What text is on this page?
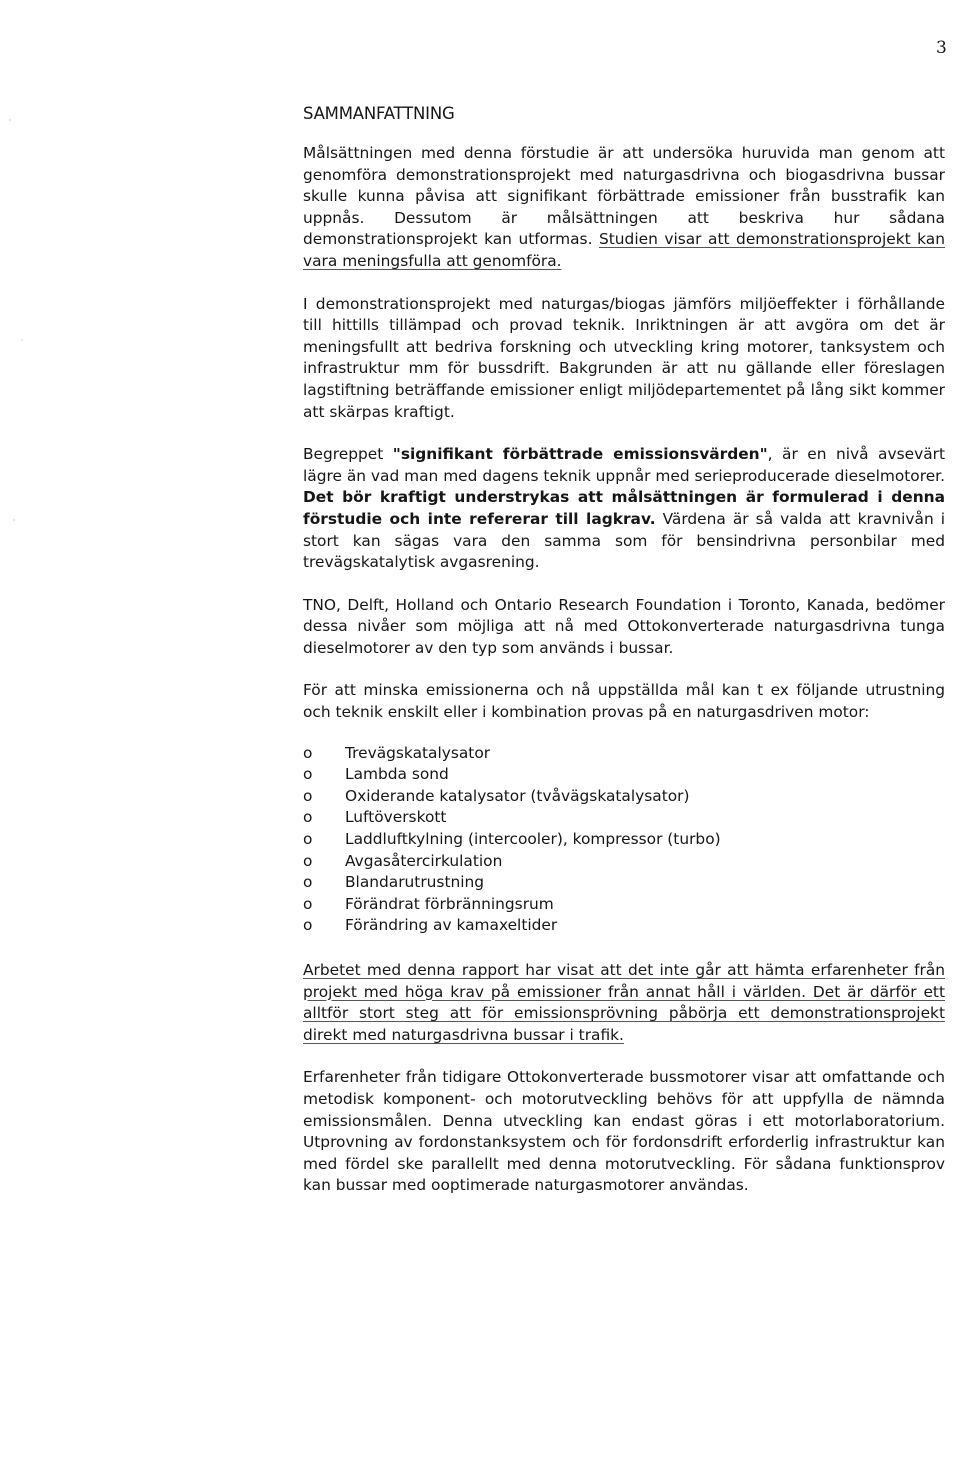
3
SAMMANFATTNING

Målsättningen med denna förstudie är att undersöka huruvida man genom att genomföra demonstrationsprojekt med naturgasdrivna och biogasdrivna bussar skulle kunna påvisa att signifikant förbättrade emissioner från busstrafik kan uppnås. Dessutom är målsättningen att beskriva hur sådana demonstrationsprojekt kan utformas. Studien visar att demonstrationsprojekt kan vara meningsfulla att genomföra.

I demonstrationsprojekt med naturgas/biogas jämförs miljöeffekter i förhållande till hittills tillämpad och provad teknik. Inriktningen är att avgöra om det är meningsfullt att bedriva forskning och utveckling kring motorer, tanksystem och infrastruktur mm för bussdrift. Bakgrunden är att nu gällande eller föreslagen lagstiftning beträffande emissioner enligt miljödepartementet på lång sikt kommer att skärpas kraftigt.

Begreppet "signifikant förbättrade emissionsvärden", är en nivå avsevärt lägre än vad man med dagens teknik uppnår med serieproducerade dieselmotorer. Det bör kraftigt understrykas att målsättningen är formulerad i denna förstudie och inte refererar till lagkrav. Värdena är så valda att kravnivån i stort kan sägas vara den samma som för bensindrivna personbilar med trevägskatalytisk avgasrening.

TNO, Delft, Holland och Ontario Research Foundation i Toronto, Kanada, bedömer dessa nivåer som möjliga att nå med Ottokonverterade naturgasdrivna tunga dieselmotorer av den typ som används i bussar.

För att minska emissionerna och nå uppställda mål kan t ex följande utrustning och teknik enskilt eller i kombination provas på en naturgasdriven motor:

o Trevägskatalysator
o Lambda sond
o Oxiderande katalysator (tvåvägskatalysator)
o Luftöverskott
o Laddluftkylning (intercooler), kompressor (turbo)
o Avgasåtercirkulation
o Blandarutrustning
o Förändrat förbränningsrum
o Förändring av kamaxeltider

Arbetet med denna rapport har visat att det inte går att hämta erfarenheter från projekt med höga krav på emissioner från annat håll i världen. Det är därför ett alltför stort steg att för emissionsprövning påbörja ett demonstrationsprojekt direkt med naturgasdrivna bussar i trafik.

Erfarenheter från tidigare Ottokonverterade bussmotorer visar att omfattande och metodisk komponent- och motorutveckling behövs för att uppfylla de nämnda emissionsmålen. Denna utveckling kan endast göras i ett motorlaboratorium. Utprovning av fordonstanksystem och för fordonsdrift erforderlig infrastruktur kan med fördel ske parallellt med denna motorutveckling. För sådana funktionsprov kan bussar med ooptimerade naturgasmotorer användas.
